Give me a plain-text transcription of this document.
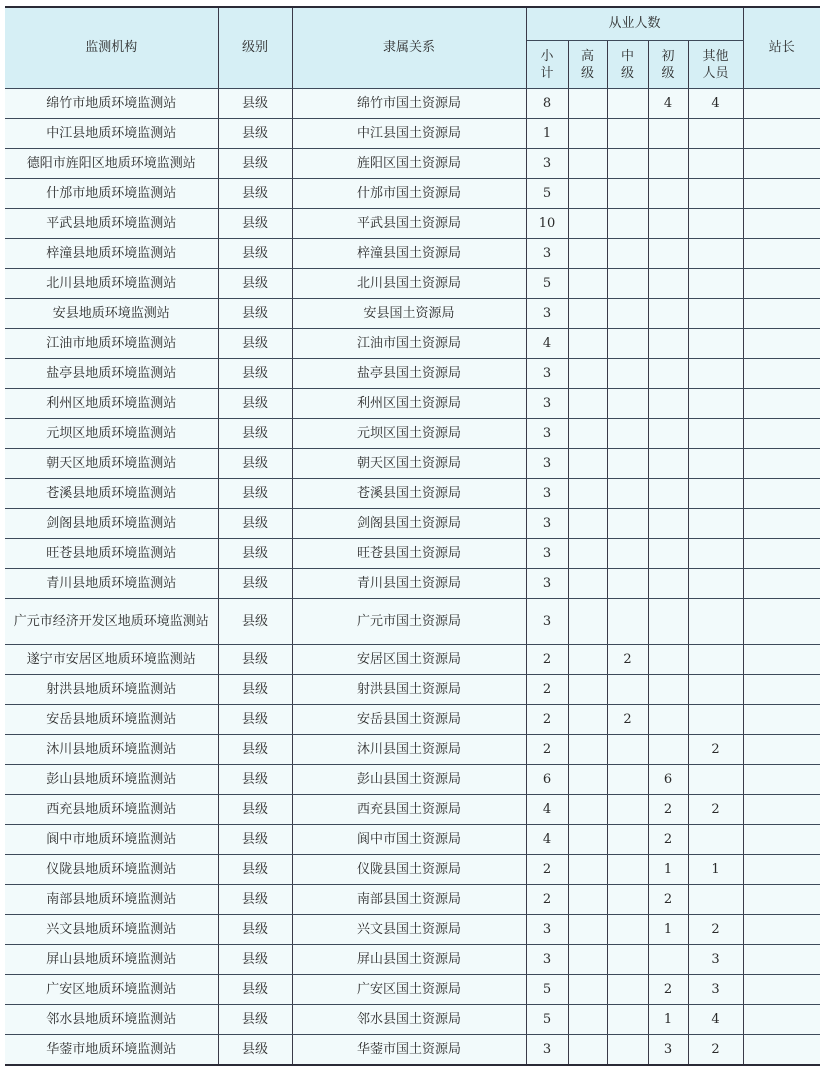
监测机构	级别	隶属关系	从业人数					站长
			小计	高级	中级	初级	其他人员	
绵竹市地质环境监测站	县级	绵竹市国土资源局	8			4	4	
中江县地质环境监测站	县级	中江县国土资源局	1					
德阳市旌阳区地质环境监测站	县级	旌阳区国土资源局	3					
什邡市地质环境监测站	县级	什邡市国土资源局	5					
平武县地质环境监测站	县级	平武县国土资源局	10					
梓潼县地质环境监测站	县级	梓潼县国土资源局	3					
北川县地质环境监测站	县级	北川县国土资源局	5					
安县地质环境监测站	县级	安县国土资源局	3					
江油市地质环境监测站	县级	江油市国土资源局	4					
盐亭县地质环境监测站	县级	盐亭县国土资源局	3					
利州区地质环境监测站	县级	利州区国土资源局	3					
元坝区地质环境监测站	县级	元坝区国土资源局	3					
朝天区地质环境监测站	县级	朝天区国土资源局	3					
苍溪县地质环境监测站	县级	苍溪县国土资源局	3					
剑阁县地质环境监测站	县级	剑阁县国土资源局	3					
旺苍县地质环境监测站	县级	旺苍县国土资源局	3					
青川县地质环境监测站	县级	青川县国土资源局	3					
广元市经济开发区地质环境监测站	县级	广元市国土资源局	3					
遂宁市安居区地质环境监测站	县级	安居区国土资源局	2		2			
射洪县地质环境监测站	县级	射洪县国土资源局	2					
安岳县地质环境监测站	县级	安岳县国土资源局	2		2			
沐川县地质环境监测站	县级	沐川县国土资源局	2				2	
彭山县地质环境监测站	县级	彭山县国土资源局	6			6		
西充县地质环境监测站	县级	西充县国土资源局	4			2	2	
阆中市地质环境监测站	县级	阆中市国土资源局	4			2		
仪陇县地质环境监测站	县级	仪陇县国土资源局	2			1	1	
南部县地质环境监测站	县级	南部县国土资源局	2			2		
兴文县地质环境监测站	县级	兴文县国土资源局	3			1	2	
屏山县地质环境监测站	县级	屏山县国土资源局	3				3	
广安区地质环境监测站	县级	广安区国土资源局	5			2	3	
邻水县地质环境监测站	县级	邻水县国土资源局	5			1	4	
华蓥市地质环境监测站	县级	华蓥市国土资源局	3			3	2	
